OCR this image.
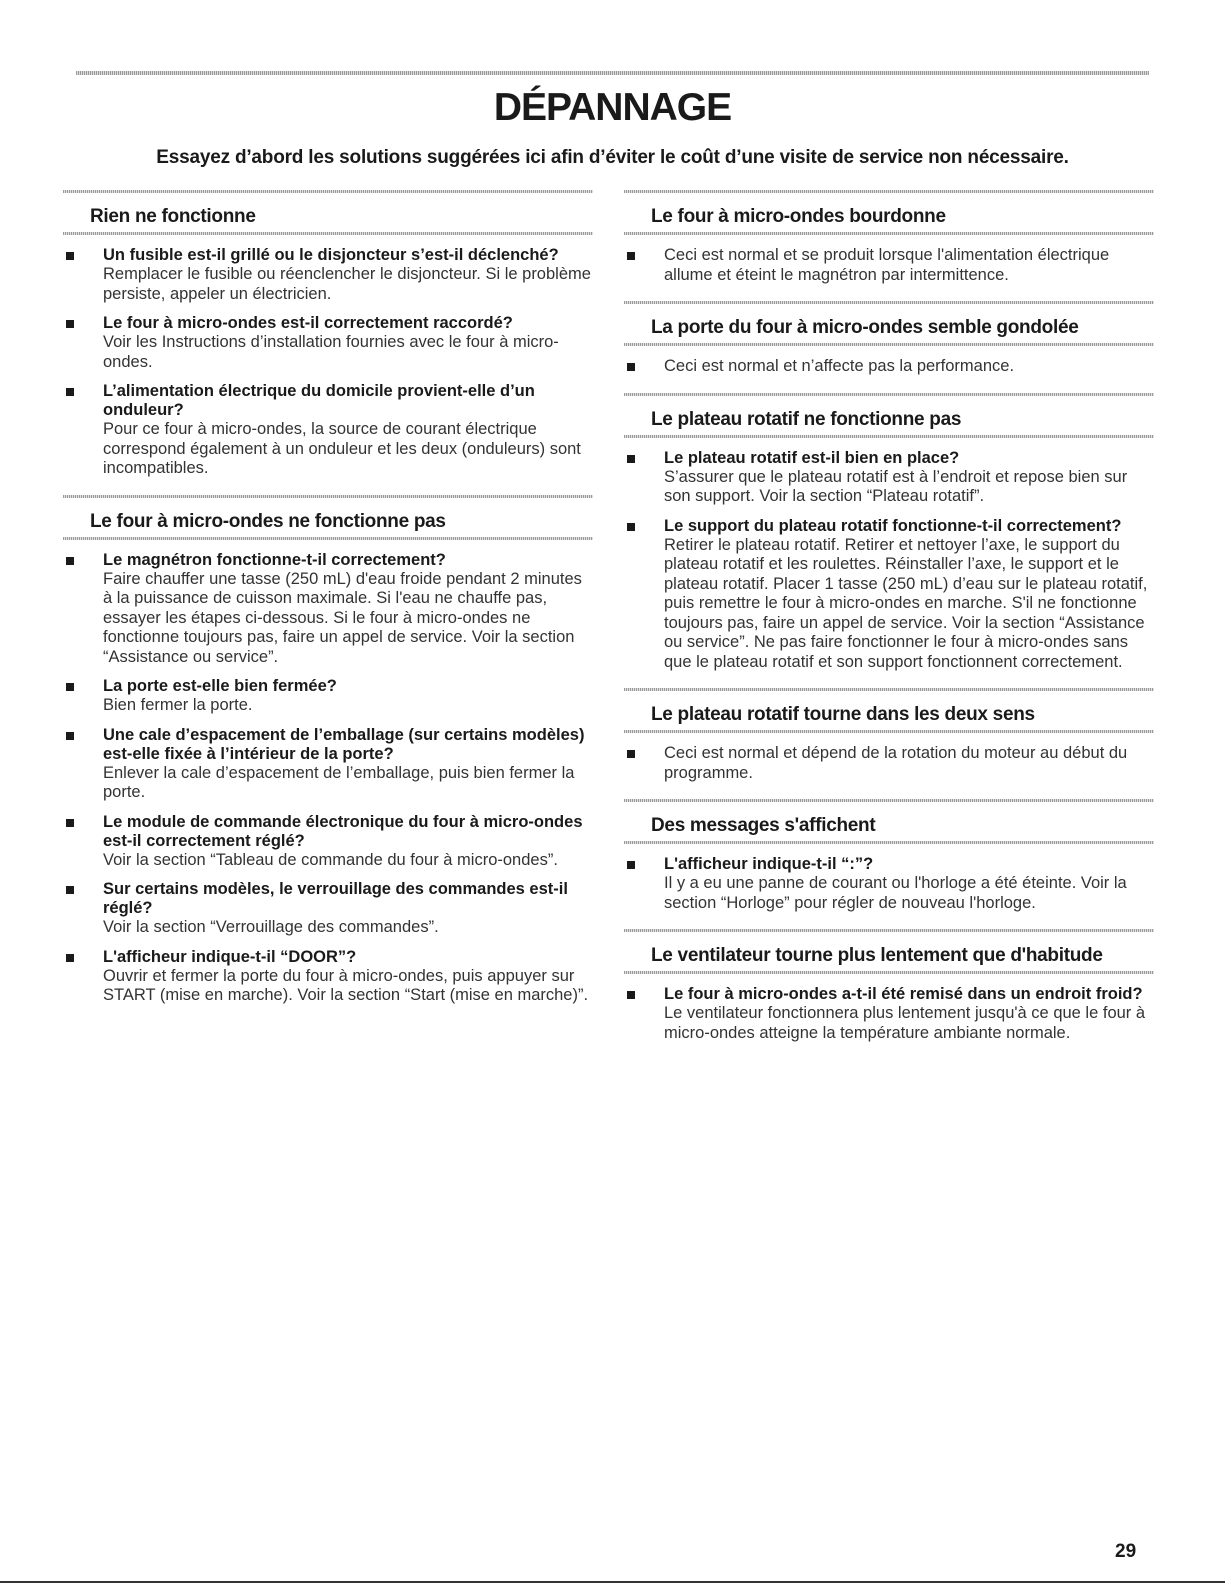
DÉPANNAGE
Essayez d’abord les solutions suggérées ici afin d’éviter le coût d’une visite de service non nécessaire.
Rien ne fonctionne
Un fusible est-il grillé ou le disjoncteur s’est-il déclenché?
Remplacer le fusible ou réenclencher le disjoncteur. Si le problème persiste, appeler un électricien.
Le four à micro-ondes est-il correctement raccordé?
Voir les Instructions d’installation fournies avec le four à micro-ondes.
L’alimentation électrique du domicile provient-elle d’un onduleur?
Pour ce four à micro-ondes, la source de courant électrique correspond également à un onduleur et les deux (onduleurs) sont incompatibles.
Le four à micro-ondes ne fonctionne pas
Le magnétron fonctionne-t-il correctement?
Faire chauffer une tasse (250 mL) d'eau froide pendant 2 minutes à la puissance de cuisson maximale. Si l'eau ne chauffe pas, essayer les étapes ci-dessous. Si le four à micro-ondes ne fonctionne toujours pas, faire un appel de service. Voir la section “Assistance ou service”.
La porte est-elle bien fermée?
Bien fermer la porte.
Une cale d’espacement de l’emballage (sur certains modèles) est-elle fixée à l’intérieur de la porte?
Enlever la cale d’espacement de l’emballage, puis bien fermer la porte.
Le module de commande électronique du four à micro-ondes est-il correctement réglé?
Voir la section “Tableau de commande du four à micro-ondes”.
Sur certains modèles, le verrouillage des commandes est-il réglé?
Voir la section “Verrouillage des commandes”.
L'afficheur indique-t-il “DOOR”?
Ouvrir et fermer la porte du four à micro-ondes, puis appuyer sur START (mise en marche). Voir la section “Start (mise en marche)”.
Le four à micro-ondes bourdonne
Ceci est normal et se produit lorsque l'alimentation électrique allume et éteint le magnétron par intermittence.
La porte du four à micro-ondes semble gondolée
Ceci est normal et n’affecte pas la performance.
Le plateau rotatif ne fonctionne pas
Le plateau rotatif est-il bien en place?
S’assurer que le plateau rotatif est à l’endroit et repose bien sur son support. Voir la section “Plateau rotatif”.
Le support du plateau rotatif fonctionne-t-il correctement?
Retirer le plateau rotatif. Retirer et nettoyer l’axe, le support du plateau rotatif et les roulettes. Réinstaller l’axe, le support et le plateau rotatif. Placer 1 tasse (250 mL) d’eau sur le plateau rotatif, puis remettre le four à micro-ondes en marche. S'il ne fonctionne toujours pas, faire un appel de service. Voir la section “Assistance ou service”. Ne pas faire fonctionner le four à micro-ondes sans que le plateau rotatif et son support fonctionnent correctement.
Le plateau rotatif tourne dans les deux sens
Ceci est normal et dépend de la rotation du moteur au début du programme.
Des messages s'affichent
L'afficheur indique-t-il “:”?
Il y a eu une panne de courant ou l'horloge a été éteinte. Voir la section “Horloge” pour régler de nouveau l'horloge.
Le ventilateur tourne plus lentement que d'habitude
Le four à micro-ondes a-t-il été remisé dans un endroit froid?
Le ventilateur fonctionnera plus lentement jusqu'à ce que le four à micro-ondes atteigne la température ambiante normale.
29
